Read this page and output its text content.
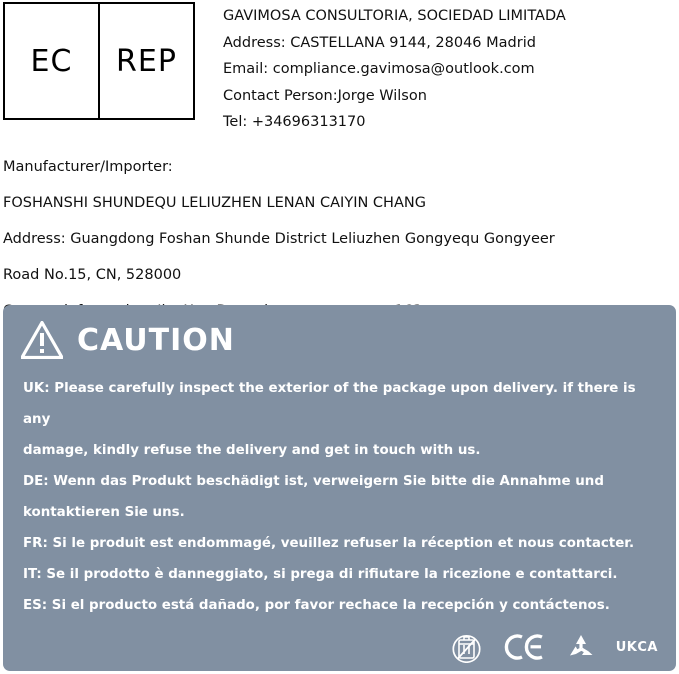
EC	REP
GAVIMOSA CONSULTORIA, SOCIEDAD LIMITADA
Address: CASTELLANA 9144, 28046 Madrid
Email: compliance.gavimosa@outlook.com
Contact Person:Jorge Wilson
Tel: +34696313170
Manufacturer/Importer:
FOSHANSHI SHUNDEQU LELIUZHEN LENAN CAIYIN CHANG
Address: Guangdong Foshan Shunde District Leliuzhen Gongyequ Gongyeer
Road No.15, CN, 528000
CAUTION

UK: Please carefully inspect the exterior of the package upon delivery. if there is any

damage, kindly refuse the delivery and get in touch with us.

DE: Wenn das Produkt beschädigt ist, verweigern Sie bitte die Annahme und

kontaktieren Sie uns.

FR: Si le produit est endommagé, veuillez refuser la réception et nous contacter.

IT: Se il prodotto è danneggiato, si prega di rifiutare la ricezione e contattarci.

ES: Si el producto está dañado, por favor rechace la recepción y contáctenos.

UK CA
